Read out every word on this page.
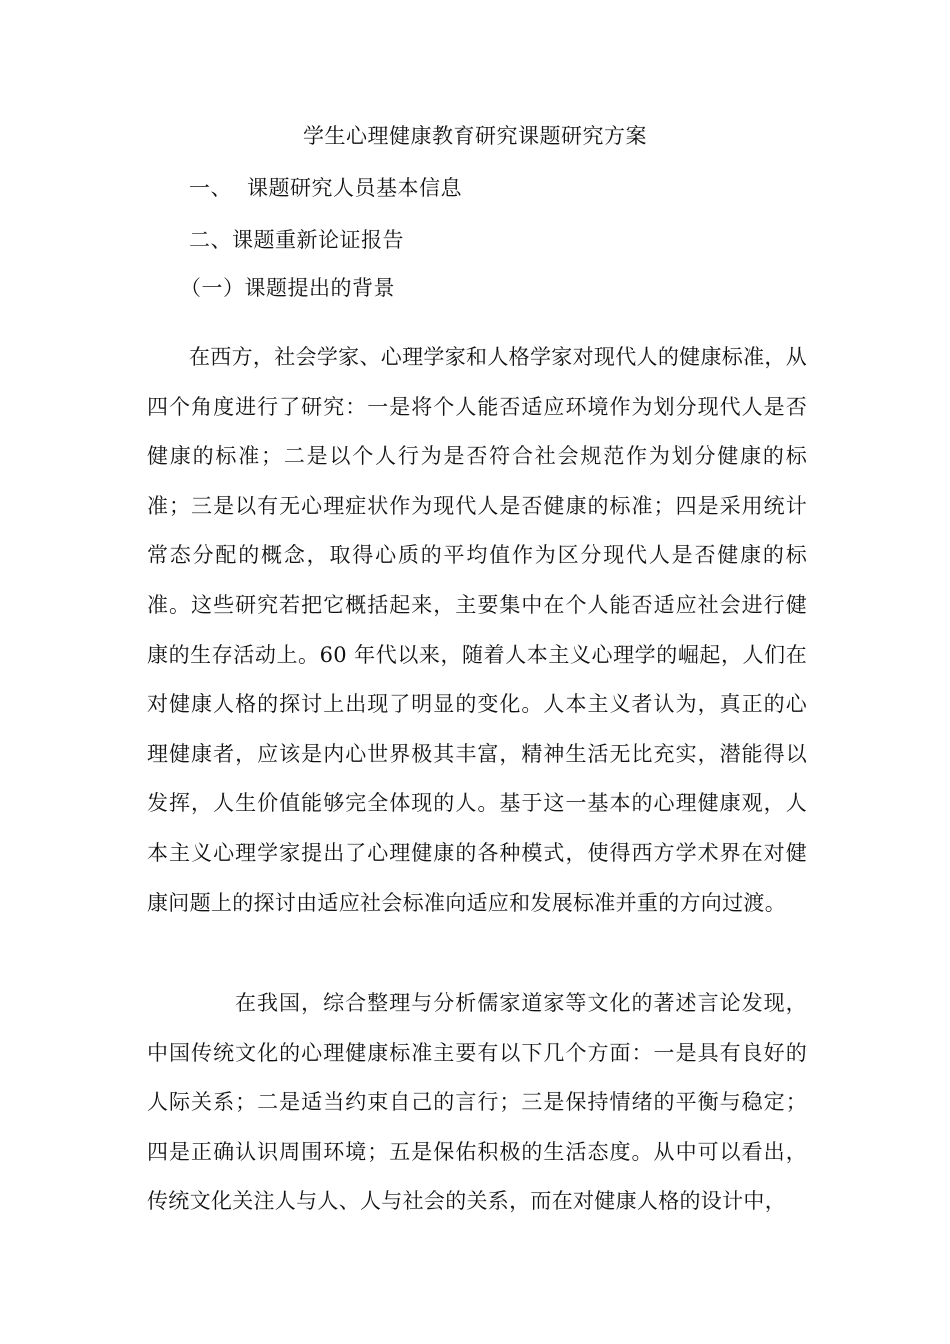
学生心理健康教育研究课题研究方案
一、 课题研究人员基本信息
二、课题重新论证报告
（一）课题提出的背景

在西方，社会学家、心理学家和人格学家对现代人的健康标准，从四个角度进行了研究：一是将个人能否适应环境作为划分现代人是否健康的标准；二是以个人行为是否符合社会规范作为划分健康的标准；三是以有无心理症状作为现代人是否健康的标准；四是采用统计常态分配的概念，取得心质的平均值作为区分现代人是否健康的标准。这些研究若把它概括起来，主要集中在个人能否适应社会进行健康的生存活动上。60 年代以来，随着人本主义心理学的崛起，人们在对健康人格的探讨上出现了明显的变化。人本主义者认为，真正的心理健康者，应该是内心世界极其丰富，精神生活无比充实，潜能得以发挥，人生价值能够完全体现的人。基于这一基本的心理健康观，人本主义心理学家提出了心理健康的各种模式，使得西方学术界在对健康问题上的探讨由适应社会标准向适应和发展标准并重的方向过渡。

在我国，综合整理与分析儒家道家等文化的著述言论发现，中国传统文化的心理健康标准主要有以下几个方面：一是具有良好的人际关系；二是适当约束自己的言行；三是保持情绪的平衡与稳定；四是正确认识周围环境；五是保佑积极的生活态度。从中可以看出，传统文化关注人与人、人与社会的关系，而在对健康人格的设计中，
